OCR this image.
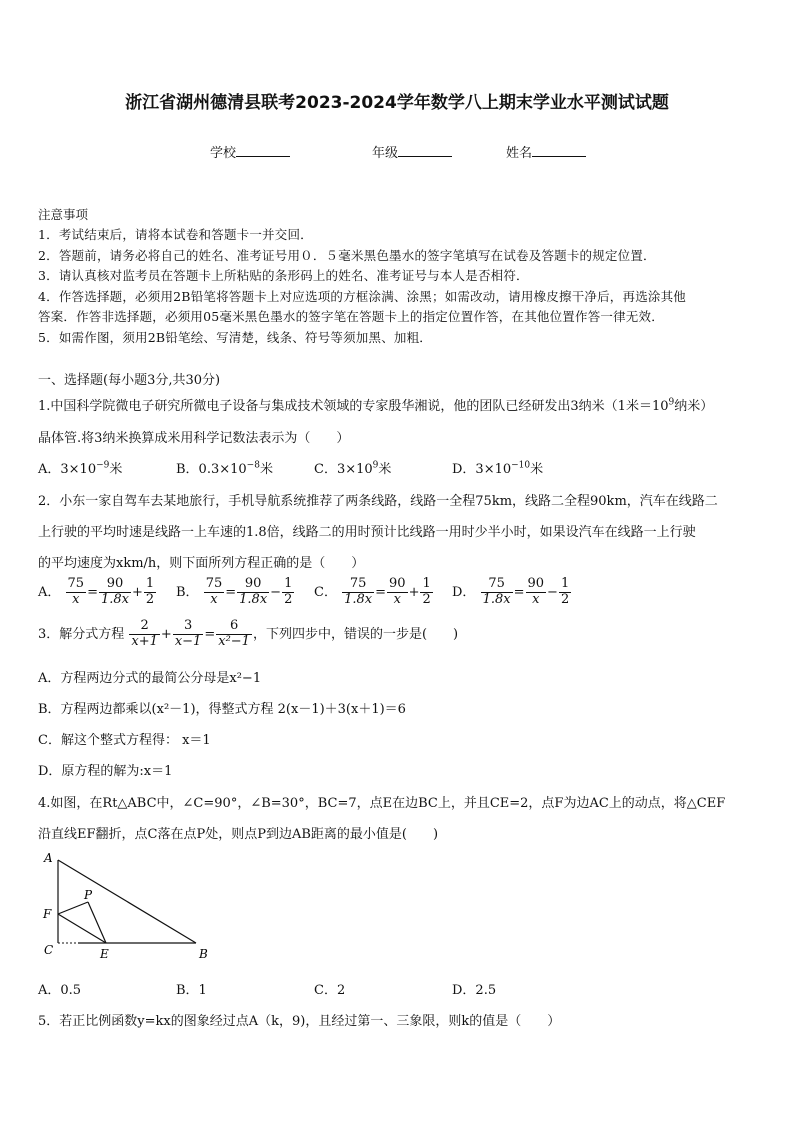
浙江省湖州德清县联考2023-2024学年数学八上期末学业水平测试试题
学校	年级	姓名
注意事项
1．考试结束后，请将本试卷和答题卡一并交回．
2．答题前，请务必将自己的姓名、准考证号用０．５毫米黑色墨水的签字笔填写在试卷及答题卡的规定位置．
3．请认真核对监考员在答题卡上所粘贴的条形码上的姓名、准考证号与本人是否相符．
4．作答选择题，必须用2B铅笔将答题卡上对应选项的方框涂满、涂黑；如需改动，请用橡皮擦干净后，再选涂其他
答案．作答非选择题，必须用05毫米黑色墨水的签字笔在答题卡上的指定位置作答，在其他位置作答一律无效．
5．如需作图，须用2B铅笔绘、写清楚，线条、符号等须加黑、加粗．
一、选择题(每小题3分,共30分)
1.中国科学院微电子研究所微电子设备与集成技术领域的专家殷华湘说，他的团队已经研发出3纳米（1米$=10^9$纳米）
晶体管.将3纳米换算成米用科学记数法表示为（　　）
A．$3\times 10^{-9}$米	B．$0.3\times 10^{-8}$米	C．$3\times 10^9$米	D．$3\times 10^{-10}$米
2．小东一家自驾车去某地旅行，手机导航系统推荐了两条线路，线路一全程75km，线路二全程90km，汽车在线路二
上行驶的平均时速是线路一上车速的1.8倍，线路二的用时预计比线路一用时少半小时，如果设汽车在线路一上行驶
的平均速度为xkm/h，则下面所列方程正确的是（　　）
A． $\frac{75}{x} = \frac{90}{1.8x} + \frac{1}{2}$ B． $\frac{75}{x} = \frac{90}{1.8x} - \frac{1}{2}$ C． $\frac{75}{1.8x} = \frac{90}{x} + \frac{1}{2}$ D． $\frac{75}{1.8x} = \frac{90}{x} - \frac{1}{2}$
3．解分式方程 $\frac{2}{x+1} + \frac{3}{x-1} = \frac{6}{\text{x²−1}}$ ，下列四步中，错误的一步是(　　)
A．方程两边分式的最简公分母是x²−1
B．方程两边都乘以(x²－1)，得整式方程 2(x－1)＋3(x＋1)＝6
C．解这个整式方程得： x＝1
D．原方程的解为:x＝1
4.如图，在Rt△ABC中，∠C=90°，∠B=30°，BC=7，点E在边BC上，并且CE=2，点F为边AC上的动点，将△CEF
沿直线EF翻折，点C落在点P处，则点P到边AB距离的最小值是(　　)
A
B
C	E
F
P
A．0.5	B．1	C．2	D．2.5
5．若正比例函数y=kx的图象经过点A（k，9)，且经过第一、三象限，则k的值是（　　）
